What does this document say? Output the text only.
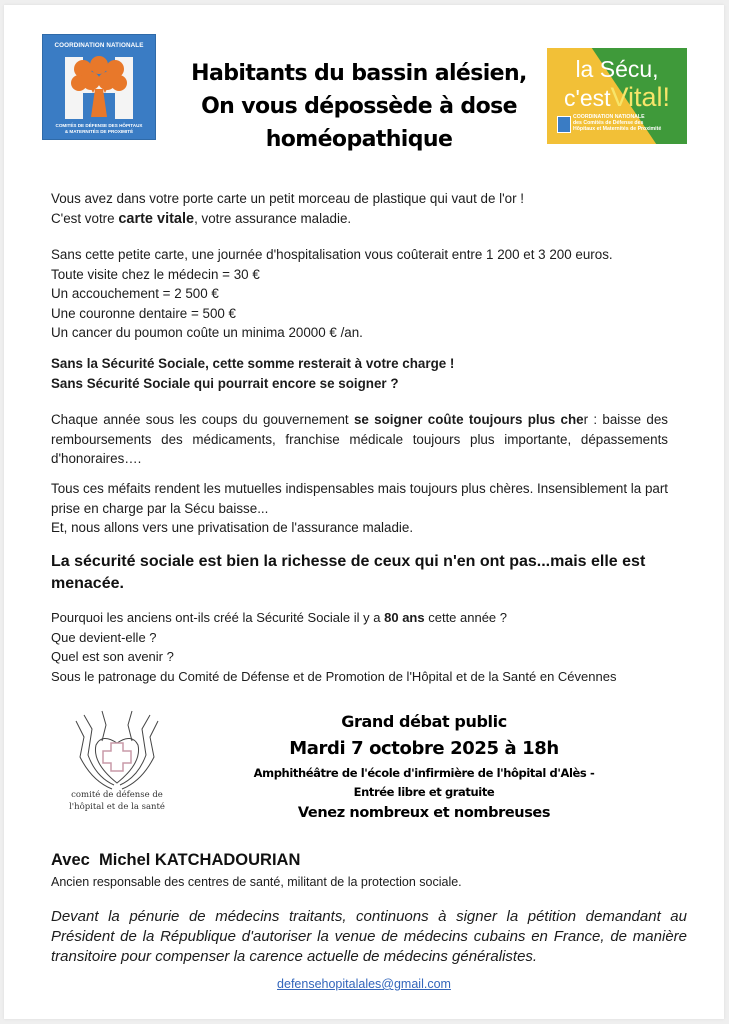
COORDINATION NATIONALE
COMITÉS DE DÉFENSE DES HÔPITAUX
& MATERNITÉS DE PROXIMITÉ
Habitants du bassin alésien,
On vous dépossède à dose
homéopathique
la Sécu,
c'estVital!
COORDINATION NATIONALE
des Comités de Défense des
Hôpitaux et Maternités de Proximité

Vous avez dans votre porte carte un petit morceau de plastique qui vaut de l'or !

C'est votre carte vitale, votre assurance maladie.

Sans cette petite carte, une journée d'hospitalisation vous coûterait entre 1 200 et 3 200 euros.

Toute visite chez le médecin = 30 €

Un accouchement = 2 500 €

Une couronne dentaire = 500 €

Un cancer du poumon coûte un minima 20000 € /an.

Sans la Sécurité Sociale, cette somme resterait à votre charge !

Sans Sécurité Sociale qui pourrait encore se soigner ?

Chaque année sous les coups du gouvernement se soigner coûte toujours plus cher : baisse des remboursements des médicaments, franchise médicale toujours plus importante, dépassements d'honoraires….

Tous ces méfaits rendent les mutuelles indispensables mais toujours plus chères. Insensiblement la part prise en charge par la Sécu baisse...

Et, nous allons vers une privatisation de l'assurance maladie.

La sécurité sociale est bien la richesse de ceux qui n'en ont pas...mais elle est menacée.

Pourquoi les anciens ont-ils créé la Sécurité Sociale il y a 80 ans cette année ?

Que devient-elle ?

Quel est son avenir ?

Sous le patronage du Comité de Défense et de Promotion de l'Hôpital et de la Santé en Cévennes

comité de défense de
l'hôpital et de la santé
Grand débat public
Mardi 7 octobre 2025 à 18h
Amphithéâtre de l'école d'infirmière de l'hôpital d'Alès -
Entrée libre et gratuite
Venez nombreux et nombreuses
Avec  Michel KATCHADOURIAN
Ancien responsable des centres de santé, militant de la protection sociale.
Devant la pénurie de médecins traitants, continuons à signer la pétition demandant au Président de la République d'autoriser la venue de médecins cubains en France, de manière transitoire pour compenser la carence actuelle de médecins généralistes.
defensehopitalales@gmail.com
